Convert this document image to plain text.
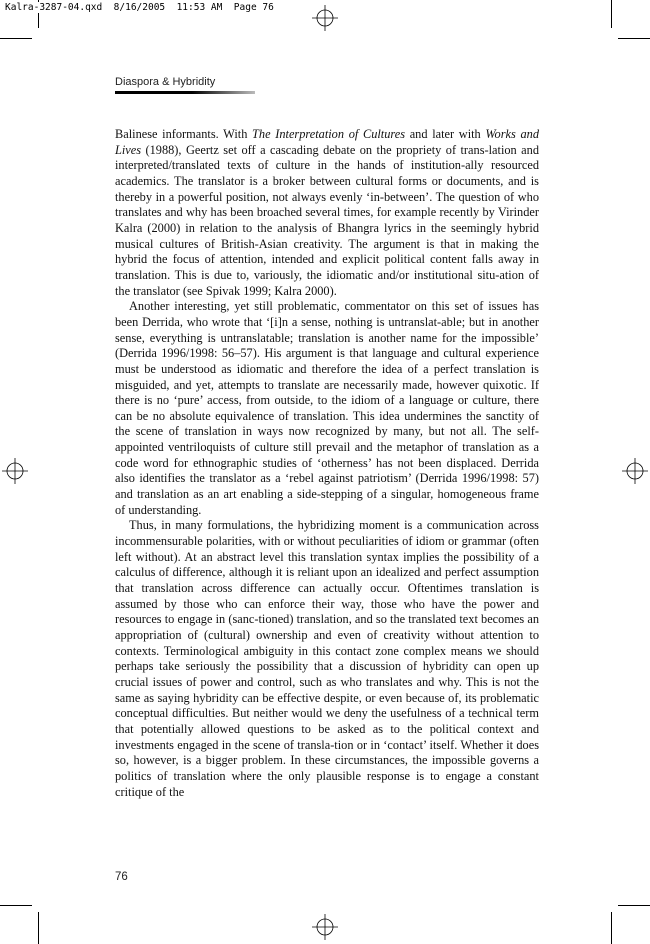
Kalra-3287-04.qxd  8/16/2005  11:53 AM  Page 76
Diaspora & Hybridity

Balinese informants. With The Interpretation of Cultures and later with Works and Lives (1988), Geertz set off a cascading debate on the propriety of trans-lation and interpreted/translated texts of culture in the hands of institution-ally resourced academics. The translator is a broker between cultural forms or documents, and is thereby in a powerful position, not always evenly ‘in-between’. The question of who translates and why has been broached several times, for example recently by Virinder Kalra (2000) in relation to the analysis of Bhangra lyrics in the seemingly hybrid musical cultures of British-Asian creativity. The argument is that in making the hybrid the focus of attention, intended and explicit political content falls away in translation. This is due to, variously, the idiomatic and/or institutional situ-ation of the translator (see Spivak 1999; Kalra 2000).

Another interesting, yet still problematic, commentator on this set of issues has been Derrida, who wrote that ‘[i]n a sense, nothing is untranslat-able; but in another sense, everything is untranslatable; translation is another name for the impossible’ (Derrida 1996/1998: 56–57). His argument is that language and cultural experience must be understood as idiomatic and therefore the idea of a perfect translation is misguided, and yet, attempts to translate are necessarily made, however quixotic. If there is no ‘pure’ access, from outside, to the idiom of a language or culture, there can be no absolute equivalence of translation. This idea undermines the sanctity of the scene of translation in ways now recognized by many, but not all. The self-appointed ventriloquists of culture still prevail and the metaphor of translation as a code word for ethnographic studies of ‘otherness’ has not been displaced. Derrida also identifies the translator as a ‘rebel against patriotism’ (Derrida 1996/1998: 57) and translation as an art enabling a side-stepping of a singular, homogeneous frame of understanding.

Thus, in many formulations, the hybridizing moment is a communication across incommensurable polarities, with or without peculiarities of idiom or grammar (often left without). At an abstract level this translation syntax implies the possibility of a calculus of difference, although it is reliant upon an idealized and perfect assumption that translation across difference can actually occur. Oftentimes translation is assumed by those who can enforce their way, those who have the power and resources to engage in (sanc-tioned) translation, and so the translated text becomes an appropriation of (cultural) ownership and even of creativity without attention to contexts. Terminological ambiguity in this contact zone complex means we should perhaps take seriously the possibility that a discussion of hybridity can open up crucial issues of power and control, such as who translates and why. This is not the same as saying hybridity can be effective despite, or even because of, its problematic conceptual difficulties. But neither would we deny the usefulness of a technical term that potentially allowed questions to be asked as to the political context and investments engaged in the scene of transla-tion or in ‘contact’ itself. Whether it does so, however, is a bigger problem. In these circumstances, the impossible governs a politics of translation where the only plausible response is to engage a constant critique of the

76
